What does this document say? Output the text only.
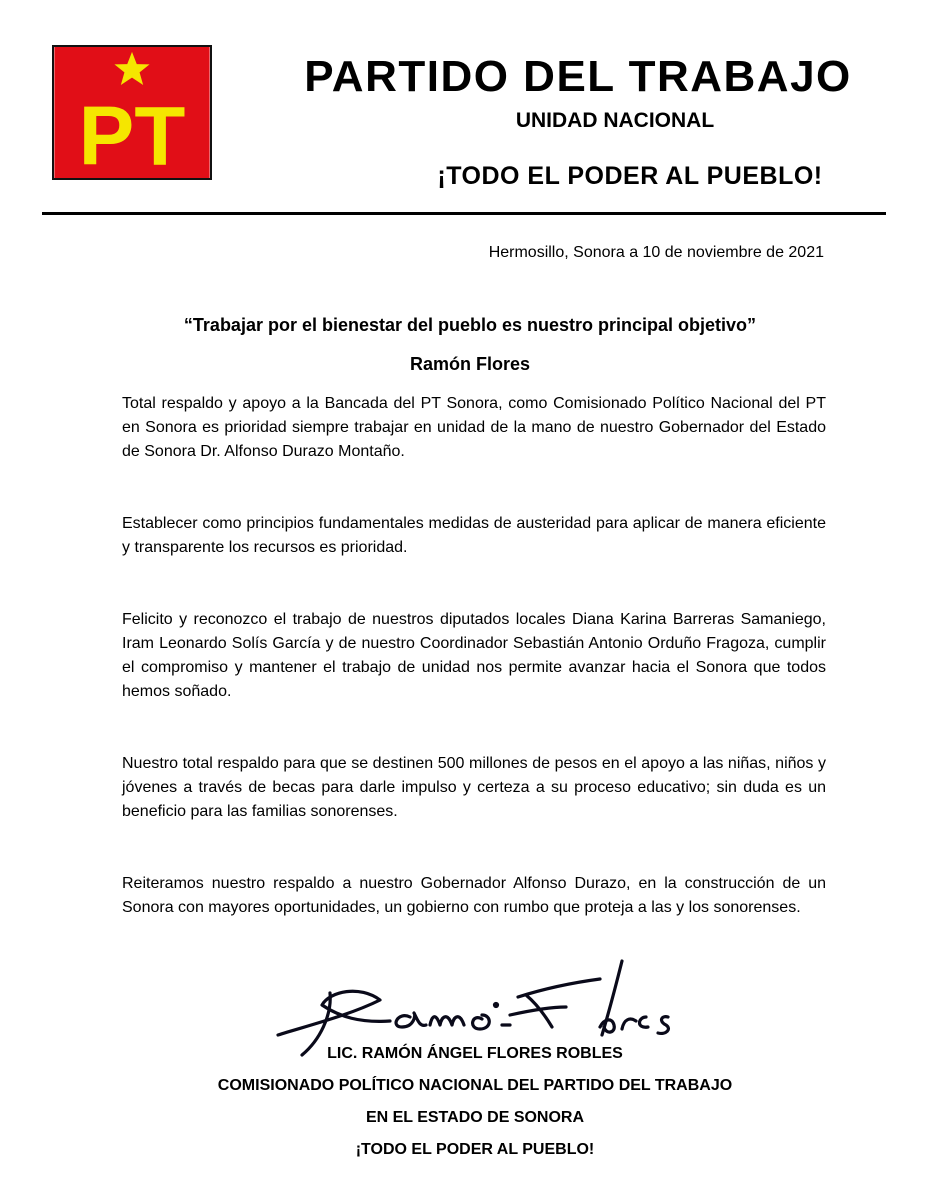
PT
PARTIDO DEL TRABAJO
UNIDAD NACIONAL
¡TODO EL PODER AL PUEBLO!
Hermosillo, Sonora a 10 de noviembre de 2021
“Trabajar por el bienestar del pueblo es nuestro principal objetivo”
Ramón Flores

Total respaldo y apoyo a la Bancada del PT Sonora, como Comisionado Político Nacional del PT en Sonora es prioridad siempre trabajar en unidad de la mano de nuestro Gobernador del Estado de Sonora Dr. Alfonso Durazo Montaño.

Establecer como principios fundamentales medidas de austeridad para aplicar de manera eficiente y transparente los recursos es prioridad.

Felicito y reconozco el trabajo de nuestros diputados locales Diana Karina Barreras Samaniego, Iram Leonardo Solís García y de nuestro Coordinador Sebastián Antonio Orduño Fragoza, cumplir el compromiso y mantener el trabajo de unidad nos permite avanzar hacia el Sonora que todos hemos soñado.

Nuestro total respaldo para que se destinen 500 millones de pesos en el apoyo a las niñas, niños y jóvenes a través de becas para darle impulso y certeza a su proceso educativo; sin duda es un beneficio para las familias sonorenses.

Reiteramos nuestro respaldo a nuestro Gobernador Alfonso Durazo, en la construcción de un Sonora con mayores oportunidades, un gobierno con rumbo que proteja a las y los sonorenses.

LIC. RAMÓN ÁNGEL FLORES ROBLES
COMISIONADO POLÍTICO NACIONAL DEL PARTIDO DEL TRABAJO
EN EL ESTADO DE SONORA
¡TODO EL PODER AL PUEBLO!
